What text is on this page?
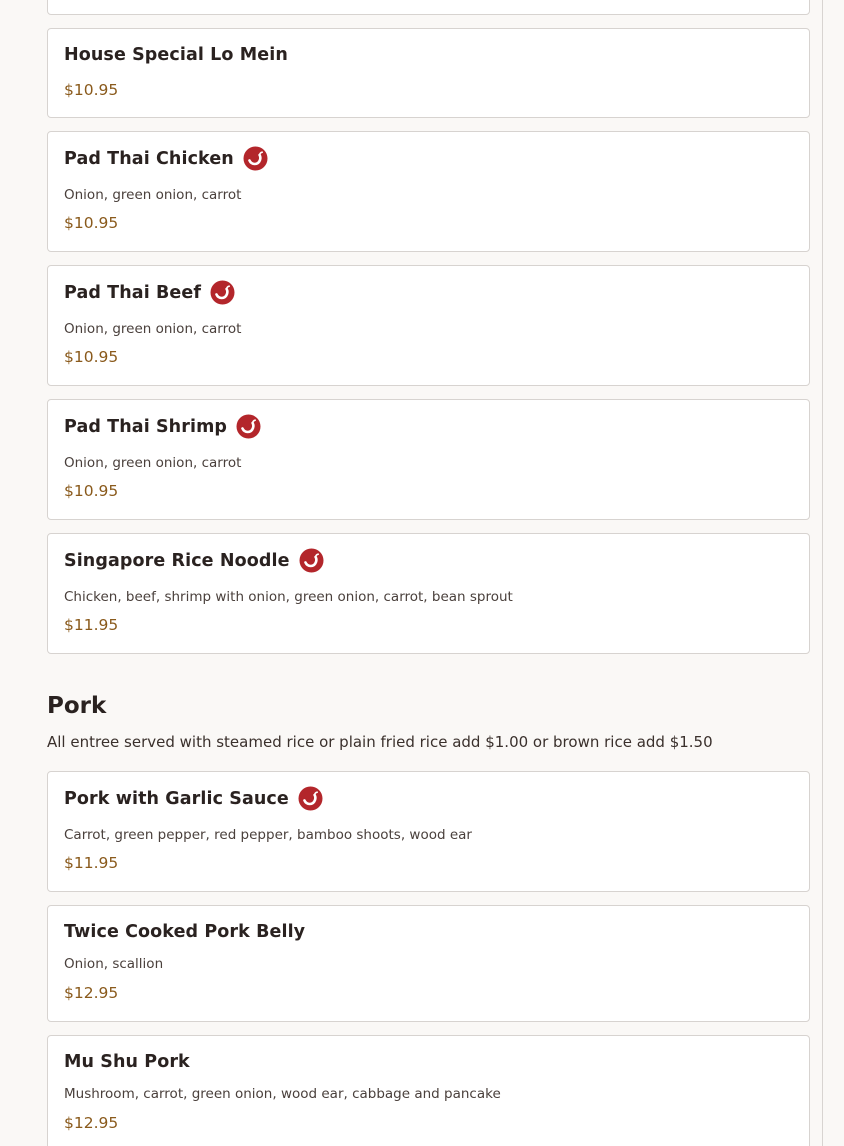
House Special Lo Mein
$10.95
Pad Thai Chicken
Onion, green onion, carrot
$10.95
Pad Thai Beef
Onion, green onion, carrot
$10.95
Pad Thai Shrimp
Onion, green onion, carrot
$10.95
Singapore Rice Noodle
Chicken, beef, shrimp with onion, green onion, carrot, bean sprout
$11.95
Pork
All entree served with steamed rice or plain fried rice add $1.00 or brown rice add $1.50
Pork with Garlic Sauce
Carrot, green pepper, red pepper, bamboo shoots, wood ear
$11.95
Twice Cooked Pork Belly
Onion, scallion
$12.95
Mu Shu Pork
Mushroom, carrot, green onion, wood ear, cabbage and pancake
$12.95
